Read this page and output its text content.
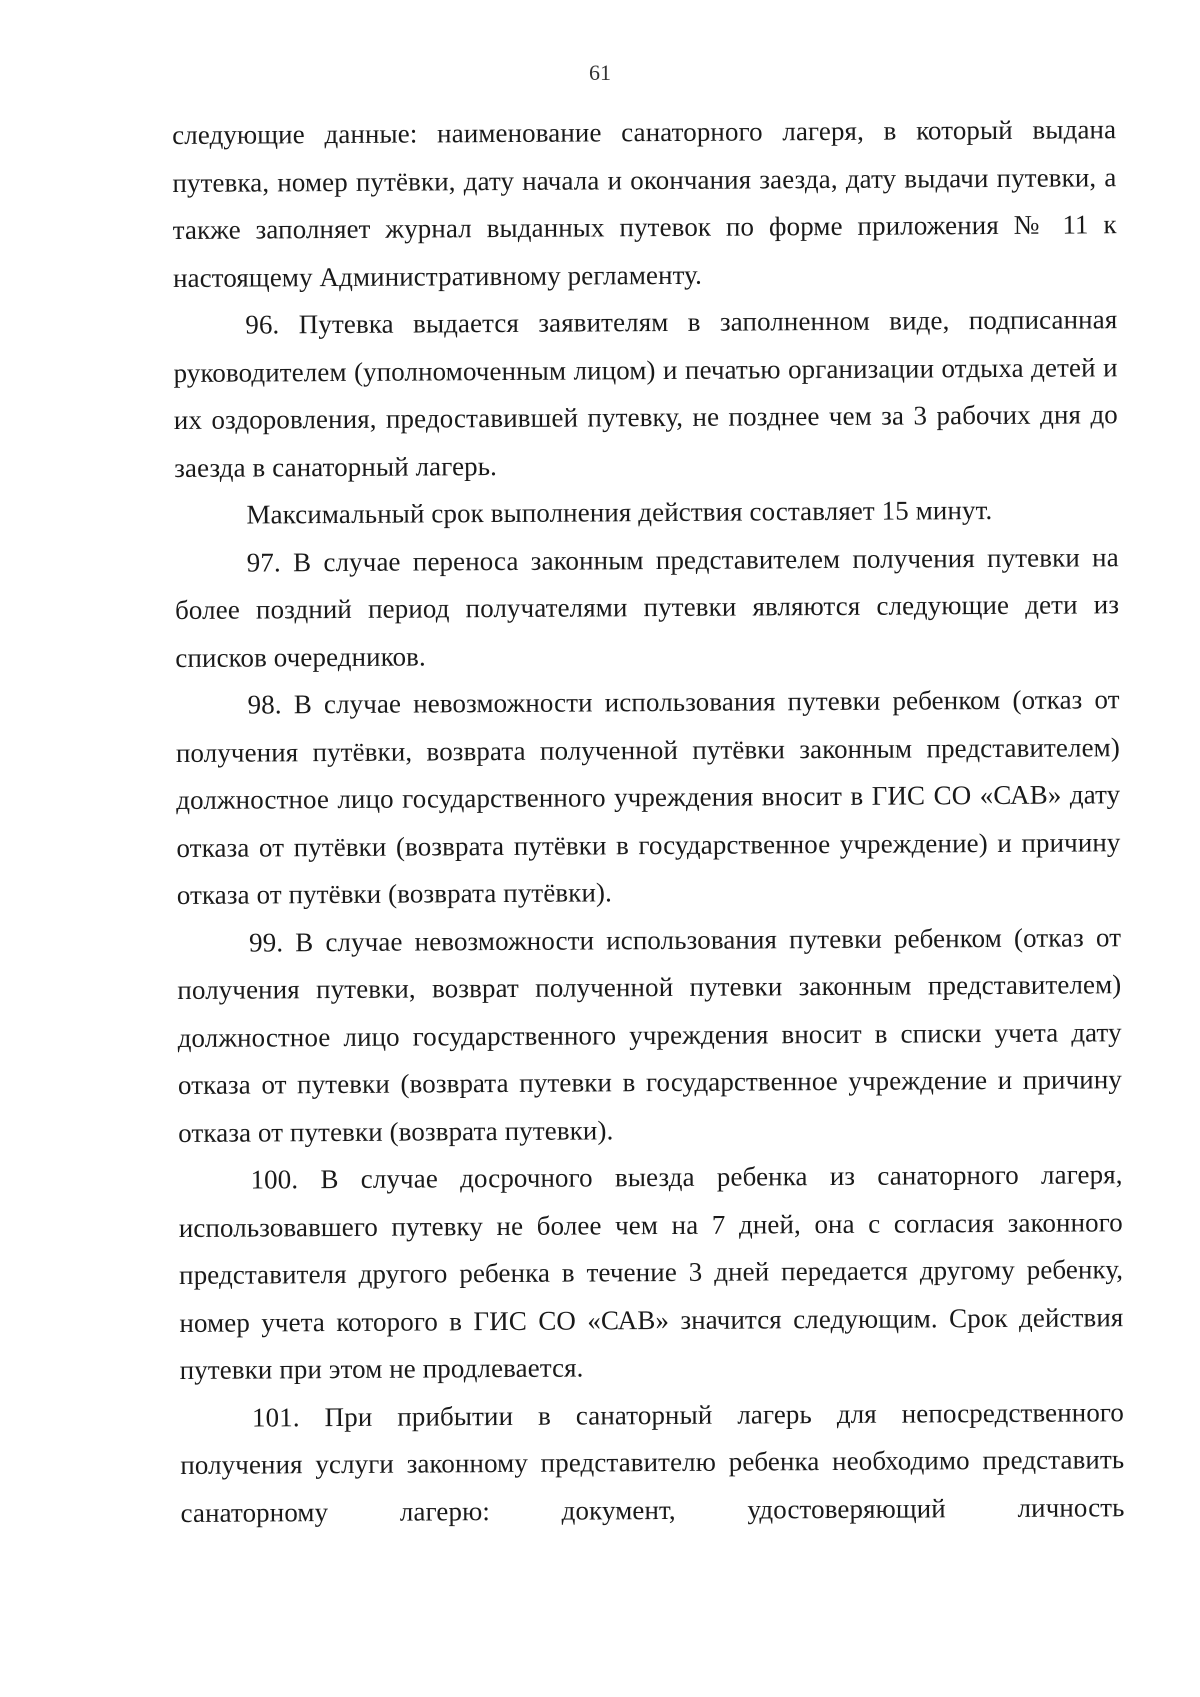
61

следующие данные: наименование санаторного лагеря, в который выдана путевка, номер путёвки, дату начала и окончания заезда, дату выдачи путевки, а также заполняет журнал выданных путевок по форме приложения № 11 к настоящему Административному регламенту.

96. Путевка выдается заявителям в заполненном виде, подписанная руководителем (уполномоченным лицом) и печатью организации отдыха детей и их оздоровления, предоставившей путевку, не позднее чем за 3 рабочих дня до заезда в санаторный лагерь.

Максимальный срок выполнения действия составляет 15 минут.

97. В случае переноса законным представителем получения путевки на более поздний период получателями путевки являются следующие дети из списков очередников.

98. В случае невозможности использования путевки ребенком (отказ от получения путёвки, возврата полученной путёвки законным представителем) должностное лицо государственного учреждения вносит в ГИС СО «САВ» дату отказа от путёвки (возврата путёвки в государственное учреждение) и причину отказа от путёвки (возврата путёвки).

99. В случае невозможности использования путевки ребенком (отказ от получения путевки, возврат полученной путевки законным представителем) должностное лицо государственного учреждения вносит в списки учета дату отказа от путевки (возврата путевки в государственное учреждение и причину отказа от путевки (возврата путевки).

100. В случае досрочного выезда ребенка из санаторного лагеря, использовавшего путевку не более чем на 7 дней, она с согласия законного представителя другого ребенка в течение 3 дней передается другому ребенку, номер учета которого в ГИС СО «САВ» значится следующим. Срок действия путевки при этом не продлевается.

101. При прибытии в санаторный лагерь для непосредственного получения услуги законному представителю ребенка необходимо представить санаторному лагерю: документ, удостоверяющий личность
